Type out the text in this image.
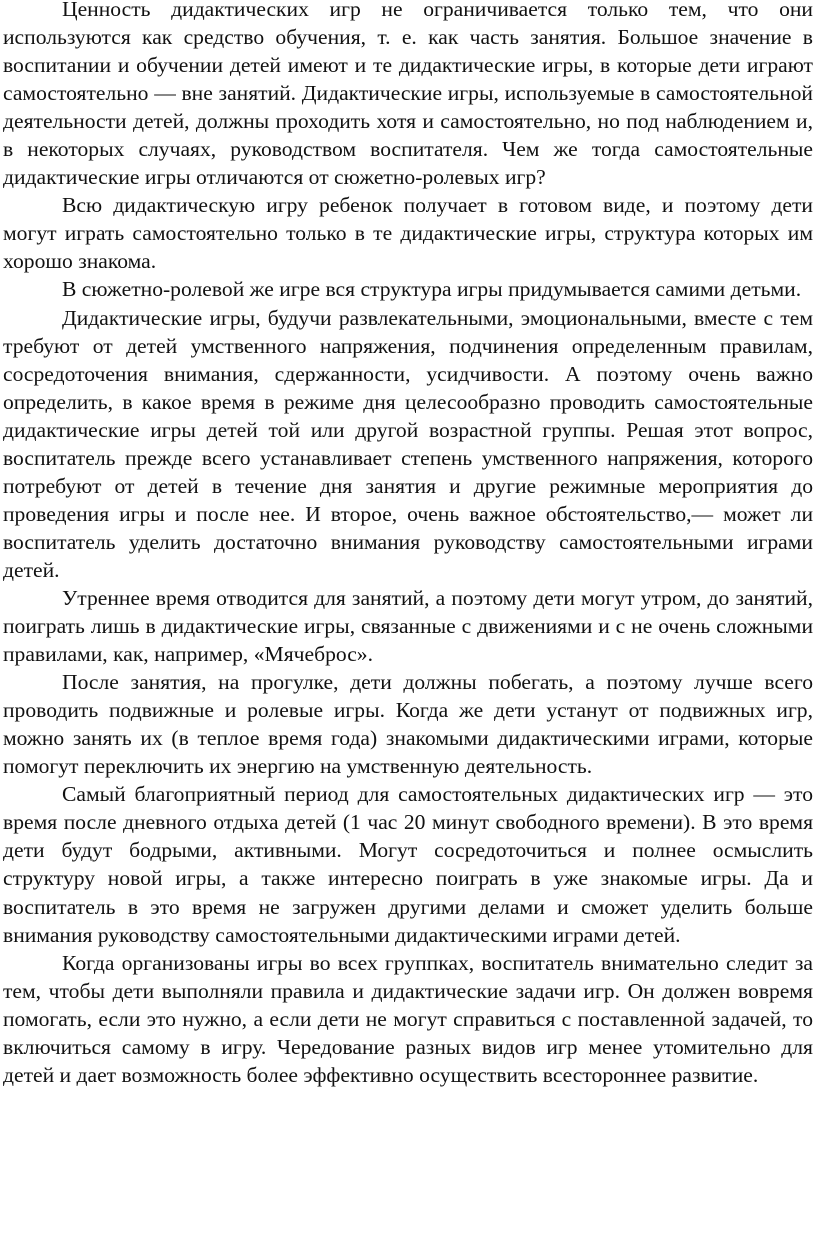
Ценность дидактических игр не ограничивается только тем, что они используются как средство обучения, т. е. как часть занятия. Большое значение в воспитании и обучении детей имеют и те дидактические игры, в которые дети играют самостоятельно — вне занятий. Дидактические игры, используемые в самостоятельной деятельности детей, должны проходить хотя и самостоятельно, но под наблюдением и, в некоторых случаях, руководством воспитателя. Чем же тогда самостоятельные дидактические игры отличаются от сюжетно-ролевых игр?

Всю дидактическую игру ребенок получает в готовом виде, и поэтому дети могут играть самостоятельно только в те дидактические игры, структура которых им хорошо знакома.

В сюжетно-ролевой же игре вся структура игры придумывается самими детьми.

Дидактические игры, будучи развлекательными, эмоциональными, вместе с тем требуют от детей умственного напряжения, подчинения определенным правилам, сосредоточения внимания, сдержанности, усидчивости. А поэтому очень важно определить, в какое время в режиме дня целесообразно проводить самостоятельные дидактические игры детей той или другой возрастной группы. Решая этот вопрос, воспитатель прежде всего устанавливает степень умственного напряжения, которого потребуют от детей в течение дня занятия и другие режимные мероприятия до проведения игры и после нее. И второе, очень важное обстоятельство,— может ли воспитатель уделить достаточно внимания руководству самостоятельными играми детей.

Утреннее время отводится для занятий, а поэтому дети могут утром, до занятий, поиграть лишь в дидактические игры, связанные с движениями и с не очень сложными правилами, как, например, «Мячеброс».

После занятия, на прогулке, дети должны побегать, а поэтому лучше всего проводить подвижные и ролевые игры. Когда же дети устанут от подвижных игр, можно занять их (в теплое время года) знакомыми дидактическими играми, которые помогут переключить их энергию на умственную деятельность.

Самый благоприятный период для самостоятельных дидактических игр — это время после дневного отдыха детей (1 час 20 минут свободного времени). В это время дети будут бодрыми, активными. Могут сосредоточиться и полнее осмыслить структуру новой игры, а также интересно поиграть в уже знакомые игры. Да и воспитатель в это время не загружен другими делами и сможет уделить больше внимания руководству самостоятельными дидактическими играми детей.

Когда организованы игры во всех группках, воспитатель внимательно следит за тем, чтобы дети выполняли правила и дидактические задачи игр. Он должен вовремя помогать, если это нужно, а если дети не могут справиться с поставленной задачей, то включиться самому в игру. Чередование разных видов игр менее утомительно для детей и дает возможность более эффективно осуществить всестороннее развитие.
